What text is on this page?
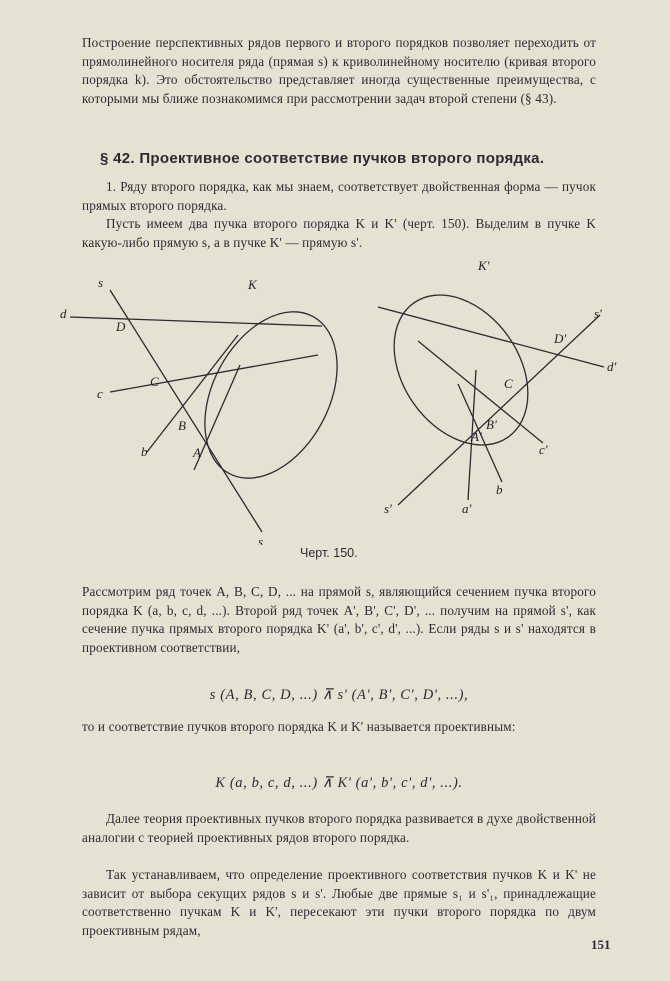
Построение перспективных рядов первого и второго порядков позволяет переходить от прямолинейного носителя ряда (прямая s) к криволинейному носителю (кривая второго порядка k). Это обстоятельство представляет иногда существенные преимущества, с которыми мы ближе познакомимся при рассмотрении задач второй степени (§ 43).
§ 42. Проективное соответствие пучков второго порядка.
1. Ряду второго порядка, как мы знаем, соответствует двойственная форма — пучок прямых второго порядка.
Пусть имеем два пучка второго порядка K и K' (черт. 150). Выделим в пучке K какую-либо прямую s, а в пучке K' — прямую s'.
s	K
d
D
c
C
B
b	A
s
K'
s'
D'
d'
C
c'
B'
A'
b
a'
s'
Черт. 150.
Рассмотрим ряд точек A, B, C, D, ... на прямой s, являющийся сечением пучка второго порядка K (a, b, c, d, ...). Второй ряд точек A', B', C', D', ... получим на прямой s', как сечение пучка прямых второго порядка K' (a', b', c', d', ...). Если ряды s и s' находятся в проективном соответствии,
s (A, B, C, D, ...) ⊼ s' (A', B', C', D', ...),
то и соответствие пучков второго порядка K и K' называется проективным:
K (a, b, c, d, ...) ⊼ K' (a', b', c', d', ...).
Далее теория проективных пучков второго порядка развивается в духе двойственной аналогии с теорией проективных рядов второго порядка.
Так устанавливаем, что определение проективного соответствия пучков K и K' не зависит от выбора секущих рядов s и s'. Любые две прямые s₁ и s'₁, принадлежащие соответственно пучкам K и K', пересекают эти пучки второго порядка по двум проективным рядам,
151
